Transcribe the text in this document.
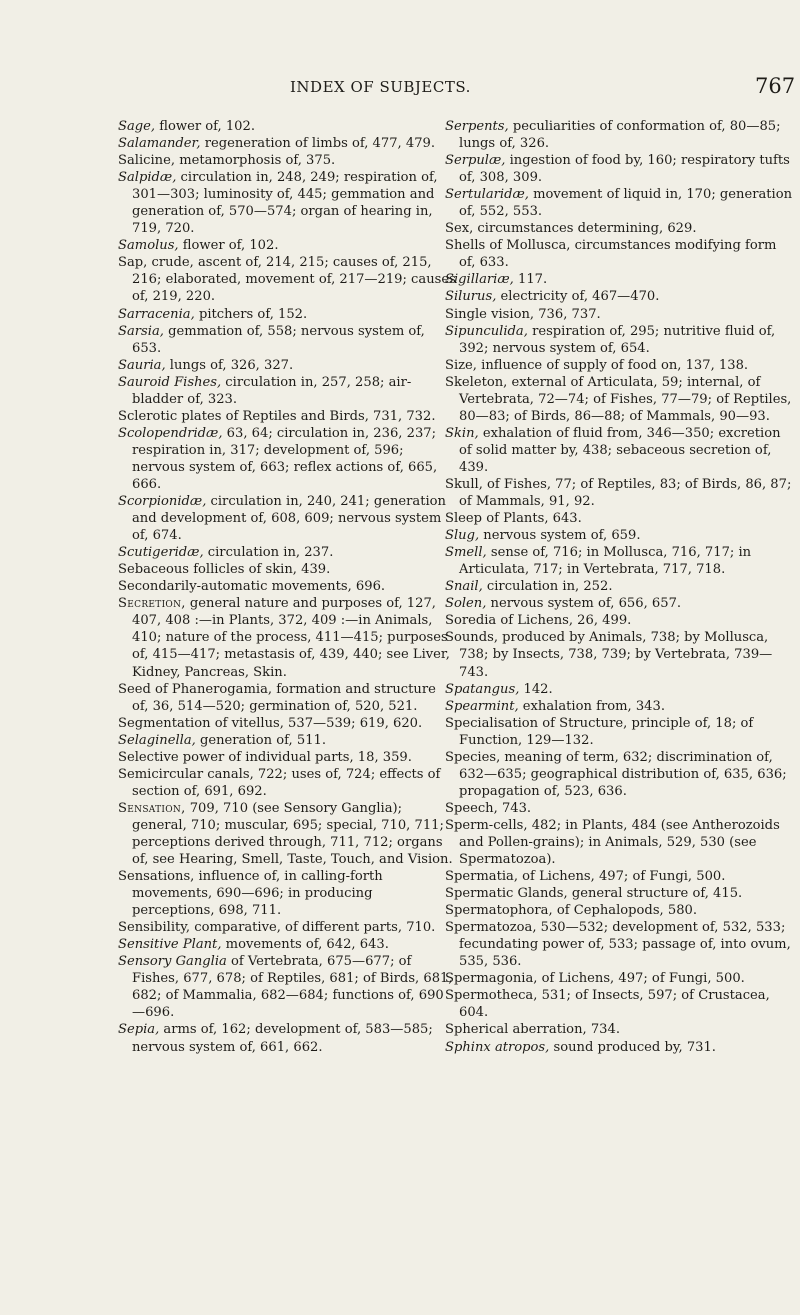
INDEX OF SUBJECTS.	767

Sage, flower of, 102.

Salamander, regeneration of limbs of, 477, 479.

Salicine, metamorphosis of, 375.

Salpidæ, circulation in, 248, 249; respiration of, 301—303; luminosity of, 445; gemmation and generation of, 570—574; organ of hearing in, 719, 720.

Samolus, flower of, 102.

Sap, crude, ascent of, 214, 215; causes of, 215, 216; elaborated, movement of, 217—219; causes of, 219, 220.

Sarracenia, pitchers of, 152.

Sarsia, gemmation of, 558; nervous system of, 653.

Sauria, lungs of, 326, 327.

Sauroid Fishes, circulation in, 257, 258; air-bladder of, 323.

Sclerotic plates of Reptiles and Birds, 731, 732.

Scolopendridæ, 63, 64; circulation in, 236, 237; respiration in, 317; development of, 596; nervous system of, 663; reflex actions of, 665, 666.

Scorpionidæ, circulation in, 240, 241; generation and development of, 608, 609; nervous system of, 674.

Scutigeridæ, circulation in, 237.

Sebaceous follicles of skin, 439.

Secondarily-automatic movements, 696.

Secretion, general nature and purposes of, 127, 407, 408 :—in Plants, 372, 409 :—in Animals, 410; nature of the process, 411—415; purposes of, 415—417; metastasis of, 439, 440; see Liver, Kidney, Pancreas, Skin.

Seed of Phanerogamia, formation and structure of, 36, 514—520; germination of, 520, 521.

Segmentation of vitellus, 537—539; 619, 620.

Selaginella, generation of, 511.

Selective power of individual parts, 18, 359.

Semicircular canals, 722; uses of, 724; effects of section of, 691, 692.

Sensation, 709, 710 (see Sensory Ganglia); general, 710; muscular, 695; special, 710, 711; perceptions derived through, 711, 712; organs of, see Hearing, Smell, Taste, Touch, and Vision.

Sensations, influence of, in calling-forth movements, 690—696; in producing perceptions, 698, 711.

Sensibility, comparative, of different parts, 710.

Sensitive Plant, movements of, 642, 643.

Sensory Ganglia of Vertebrata, 675—677; of Fishes, 677, 678; of Reptiles, 681; of Birds, 681, 682; of Mammalia, 682—684; functions of, 690—696.

Sepia, arms of, 162; development of, 583—585; nervous system of, 661, 662.

Serpents, peculiarities of conformation of, 80—85; lungs of, 326.

Serpulæ, ingestion of food by, 160; respiratory tufts of, 308, 309.

Sertularidæ, movement of liquid in, 170; generation of, 552, 553.

Sex, circumstances determining, 629.

Shells of Mollusca, circumstances modifying form of, 633.

Sigillariæ, 117.

Silurus, electricity of, 467—470.

Single vision, 736, 737.

Sipunculida, respiration of, 295; nutritive fluid of, 392; nervous system of, 654.

Size, influence of supply of food on, 137, 138.

Skeleton, external of Articulata, 59; internal, of Vertebrata, 72—74; of Fishes, 77—79; of Reptiles, 80—83; of Birds, 86—88; of Mammals, 90—93.

Skin, exhalation of fluid from, 346—350; excretion of solid matter by, 438; sebaceous secretion of, 439.

Skull, of Fishes, 77; of Reptiles, 83; of Birds, 86, 87; of Mammals, 91, 92.

Sleep of Plants, 643.

Slug, nervous system of, 659.

Smell, sense of, 716; in Mollusca, 716, 717; in Articulata, 717; in Vertebrata, 717, 718.

Snail, circulation in, 252.

Solen, nervous system of, 656, 657.

Soredia of Lichens, 26, 499.

Sounds, produced by Animals, 738; by Mollusca, 738; by Insects, 738, 739; by Vertebrata, 739—743.

Spatangus, 142.

Spearmint, exhalation from, 343.

Specialisation of Structure, principle of, 18; of Function, 129—132.

Species, meaning of term, 632; discrimination of, 632—635; geographical distribution of, 635, 636; propagation of, 523, 636.

Speech, 743.

Sperm-cells, 482; in Plants, 484 (see Antherozoids and Pollen-grains); in Animals, 529, 530 (see Spermatozoa).

Spermatia, of Lichens, 497; of Fungi, 500.

Spermatic Glands, general structure of, 415.

Spermatophora, of Cephalopods, 580.

Spermatozoa, 530—532; development of, 532, 533; fecundating power of, 533; passage of, into ovum, 535, 536.

Spermagonia, of Lichens, 497; of Fungi, 500.

Spermotheca, 531; of Insects, 597; of Crustacea, 604.

Spherical aberration, 734.

Sphinx atropos, sound produced by, 731.
